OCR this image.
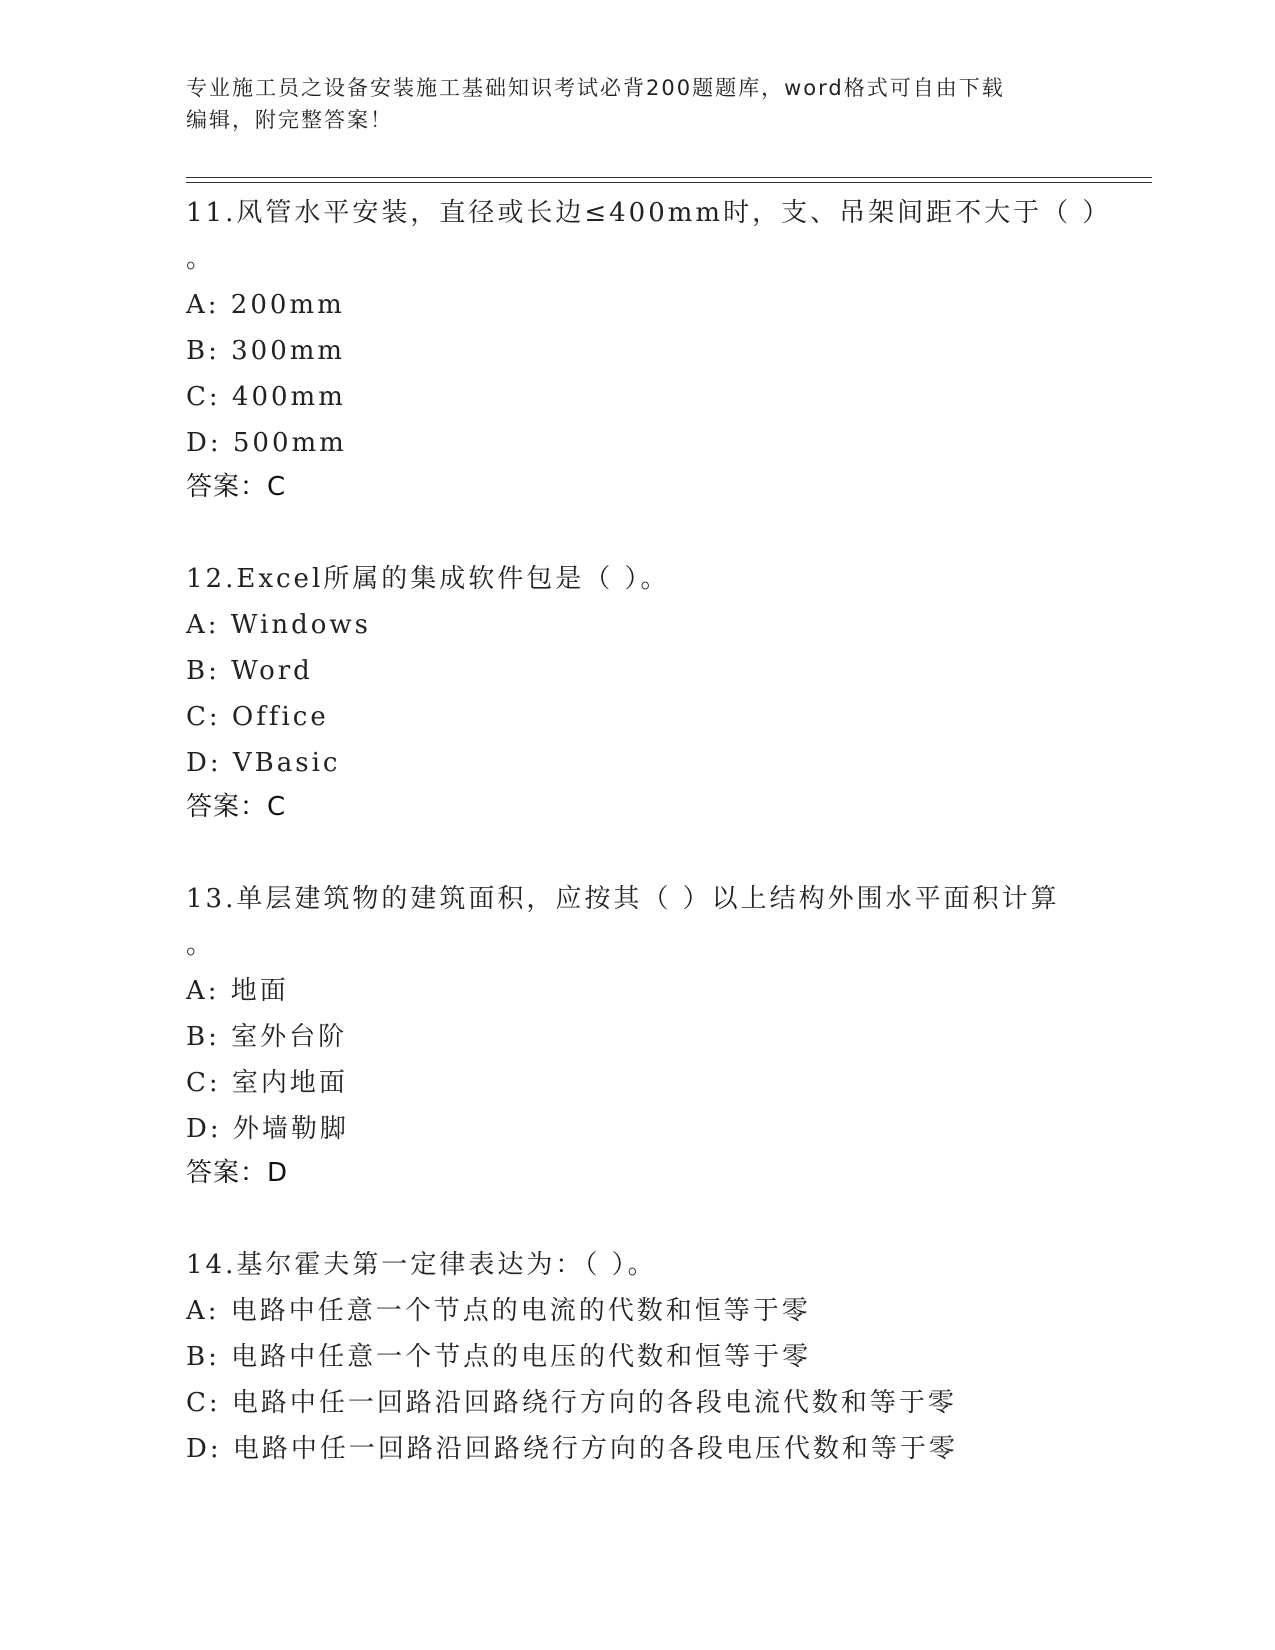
专业施工员之设备安装施工基础知识考试必背200题题库，word格式可自由下载
编辑，附完整答案！

11.风管水平安装，直径或长边≤400mm时，支、吊架间距不大于（ ）

。

A: 200mm

B: 300mm

C: 400mm

D: 500mm

答案：C

12.Excel所属的集成软件包是（ ）。

A: Windows

B: Word

C: Office

D: VBasic

答案：C

13.单层建筑物的建筑面积，应按其（ ）以上结构外围水平面积计算

。

A: 地面

B: 室外台阶

C: 室内地面

D: 外墙勒脚

答案：D

14.基尔霍夫第一定律表达为：（ ）。

A: 电路中任意一个节点的电流的代数和恒等于零

B: 电路中任意一个节点的电压的代数和恒等于零

C: 电路中任一回路沿回路绕行方向的各段电流代数和等于零

D: 电路中任一回路沿回路绕行方向的各段电压代数和等于零
